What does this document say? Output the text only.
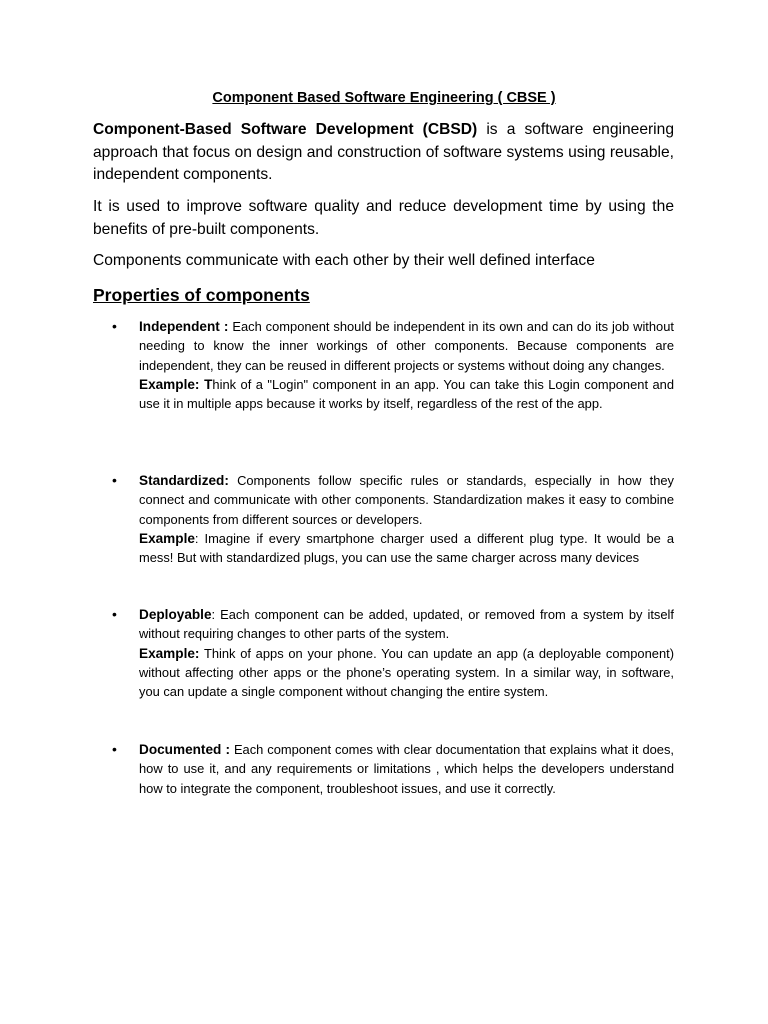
Component Based Software Engineering ( CBSE )

Component-Based Software Development (CBSD) is a software engineering approach that focus on design and construction of software systems using reusable, independent components.

It is used to improve software quality and reduce development time by using the benefits of pre-built components.

Components communicate with each other by their well defined interface

Properties of components
• Independent : Each component should be independent in its own and can do its job without needing to know the inner workings of other components. Because components are independent, they can be reused in different projects or systems without doing any changes.

Example: Think of a "Login" component in an app. You can take this Login component and use it in multiple apps because it works by itself, regardless of the rest of the app.

• Standardized: Components follow specific rules or standards, especially in how they connect and communicate with other components. Standardization makes it easy to combine components from different sources or developers.

Example: Imagine if every smartphone charger used a different plug type. It would be a mess! But with standardized plugs, you can use the same charger across many devices

• Deployable: Each component can be added, updated, or removed from a system by itself without requiring changes to other parts of the system.

Example: Think of apps on your phone. You can update an app (a deployable component) without affecting other apps or the phone’s operating system. In a similar way, in software, you can update a single component without changing the entire system.

• Documented : Each component comes with clear documentation that explains what it does, how to use it, and any requirements or limitations , which helps the developers understand how to integrate the component, troubleshoot issues, and use it correctly.
